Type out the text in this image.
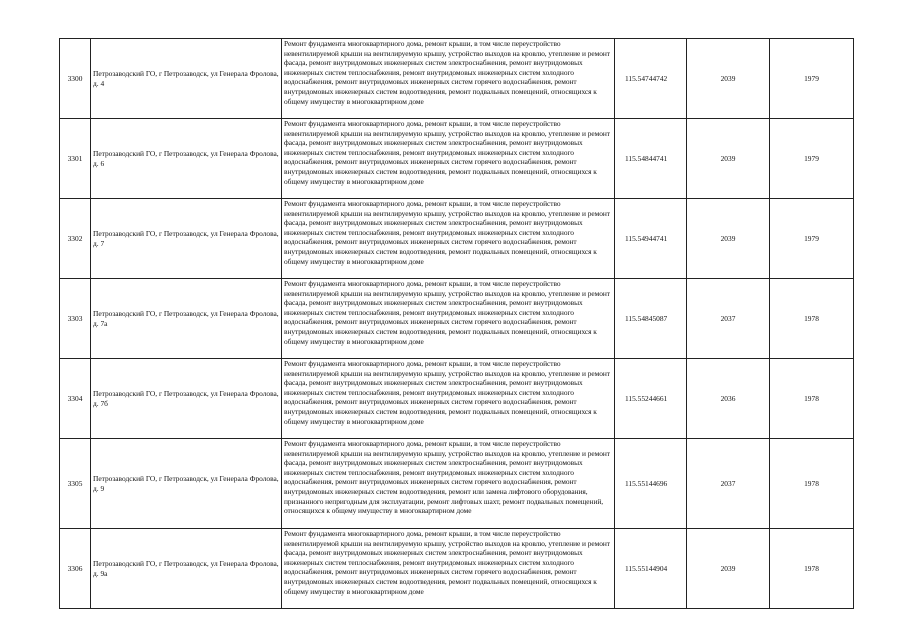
3300	Петрозаводский ГО, г Петрозаводск, ул Генерала Фролова, д. 4	Ремонт фундамента многоквартирного дома, ремонт крыши, в том числе переустройство невентилируемой крыши на вентилируемую крышу, устройство выходов на кровлю, утепление и ремонт фасада, ремонт внутридомовых инженерных систем электроснабжения, ремонт внутридомовых инженерных систем теплоснабжения, ремонт внутридомовых инженерных систем холодного водоснабжения, ремонт внутридомовых инженерных систем горячего водоснабжения, ремонт внутридомовых инженерных систем водоотведения, ремонт подвальных помещений, относящихся к общему имуществу в многоквартирном доме	115.54744742	2039	1979
3301	Петрозаводский ГО, г Петрозаводск, ул Генерала Фролова, д. 6	Ремонт фундамента многоквартирного дома, ремонт крыши, в том числе переустройство невентилируемой крыши на вентилируемую крышу, устройство выходов на кровлю, утепление и ремонт фасада, ремонт внутридомовых инженерных систем электроснабжения, ремонт внутридомовых инженерных систем теплоснабжения, ремонт внутридомовых инженерных систем холодного водоснабжения, ремонт внутридомовых инженерных систем горячего водоснабжения, ремонт внутридомовых инженерных систем водоотведения, ремонт подвальных помещений, относящихся к общему имуществу в многоквартирном доме	115.54844741	2039	1979
3302	Петрозаводский ГО, г Петрозаводск, ул Генерала Фролова, д. 7	Ремонт фундамента многоквартирного дома, ремонт крыши, в том числе переустройство невентилируемой крыши на вентилируемую крышу, устройство выходов на кровлю, утепление и ремонт фасада, ремонт внутридомовых инженерных систем электроснабжения, ремонт внутридомовых инженерных систем теплоснабжения, ремонт внутридомовых инженерных систем холодного водоснабжения, ремонт внутридомовых инженерных систем горячего водоснабжения, ремонт внутридомовых инженерных систем водоотведения, ремонт подвальных помещений, относящихся к общему имуществу в многоквартирном доме	115.54944741	2039	1979
3303	Петрозаводский ГО, г Петрозаводск, ул Генерала Фролова, д. 7а	Ремонт фундамента многоквартирного дома, ремонт крыши, в том числе переустройство невентилируемой крыши на вентилируемую крышу, устройство выходов на кровлю, утепление и ремонт фасада, ремонт внутридомовых инженерных систем электроснабжения, ремонт внутридомовых инженерных систем теплоснабжения, ремонт внутридомовых инженерных систем холодного водоснабжения, ремонт внутридомовых инженерных систем горячего водоснабжения, ремонт внутридомовых инженерных систем водоотведения, ремонт подвальных помещений, относящихся к общему имуществу в многоквартирном доме	115.54845087	2037	1978
3304	Петрозаводский ГО, г Петрозаводск, ул Генерала Фролова, д. 7б	Ремонт фундамента многоквартирного дома, ремонт крыши, в том числе переустройство невентилируемой крыши на вентилируемую крышу, устройство выходов на кровлю, утепление и ремонт фасада, ремонт внутридомовых инженерных систем электроснабжения, ремонт внутридомовых инженерных систем теплоснабжения, ремонт внутридомовых инженерных систем холодного водоснабжения, ремонт внутридомовых инженерных систем горячего водоснабжения, ремонт внутридомовых инженерных систем водоотведения, ремонт подвальных помещений, относящихся к общему имуществу в многоквартирном доме	115.55244661	2036	1978
3305	Петрозаводский ГО, г Петрозаводск, ул Генерала Фролова, д. 9	Ремонт фундамента многоквартирного дома, ремонт крыши, в том числе переустройство невентилируемой крыши на вентилируемую крышу, устройство выходов на кровлю, утепление и ремонт фасада, ремонт внутридомовых инженерных систем электроснабжения, ремонт внутридомовых инженерных систем теплоснабжения, ремонт внутридомовых инженерных систем холодного водоснабжения, ремонт внутридомовых инженерных систем горячего водоснабжения, ремонт внутридомовых инженерных систем водоотведения, ремонт или замена лифтового оборудования, признанного непригодным для эксплуатации, ремонт лифтовых шахт, ремонт подвальных помещений, относящихся к общему имуществу в многоквартирном доме	115.55144696	2037	1978
3306	Петрозаводский ГО, г Петрозаводск, ул Генерала Фролова, д. 9а	Ремонт фундамента многоквартирного дома, ремонт крыши, в том числе переустройство невентилируемой крыши на вентилируемую крышу, устройство выходов на кровлю, утепление и ремонт фасада, ремонт внутридомовых инженерных систем электроснабжения, ремонт внутридомовых инженерных систем теплоснабжения, ремонт внутридомовых инженерных систем холодного водоснабжения, ремонт внутридомовых инженерных систем горячего водоснабжения, ремонт внутридомовых инженерных систем водоотведения, ремонт подвальных помещений, относящихся к общему имуществу в многоквартирном доме	115.55144904	2039	1978
